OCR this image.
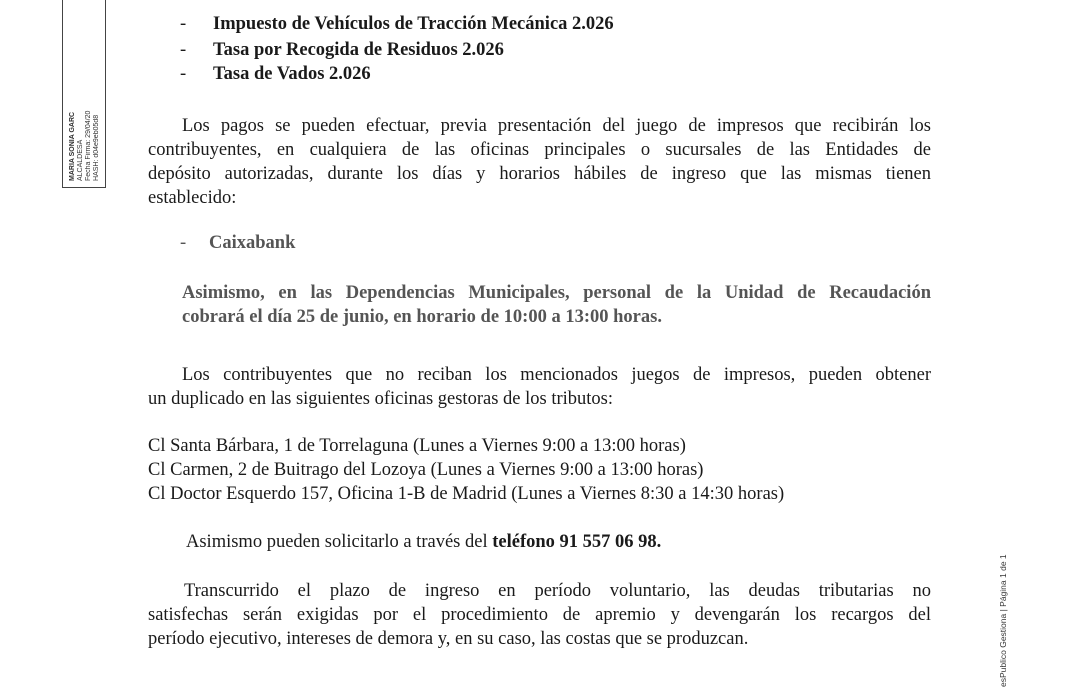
MARIA SONIA GARC ALCALDESA Fecha Firma: 29/04/20 HASH: d04e9eb05d8
esPublico Gestiona | Página 1 de 1
- Impuesto de Vehículos de Tracción Mecánica 2.026
- Tasa por Recogida de Residuos 2.026
- Tasa de Vados 2.026
Los pagos se pueden efectuar, previa presentación del juego de impresos que recibirán los
contribuyentes, en cualquiera de las oficinas principales o sucursales de las Entidades de
depósito autorizadas, durante los días y horarios hábiles de ingreso que las mismas tienen
establecido:
- Caixabank
Asimismo, en las Dependencias Municipales, personal de la Unidad de Recaudación
cobrará el día 25 de junio, en horario de 10:00 a 13:00 horas.
Los contribuyentes que no reciban los mencionados juegos de impresos, pueden obtener
un duplicado en las siguientes oficinas gestoras de los tributos:
Cl Santa Bárbara, 1 de Torrelaguna (Lunes a Viernes 9:00 a 13:00 horas)
Cl Carmen, 2 de Buitrago del Lozoya (Lunes a Viernes 9:00 a 13:00 horas)
Cl Doctor Esquerdo 157, Oficina 1-B de Madrid (Lunes a Viernes 8:30 a 14:30 horas)
Asimismo pueden solicitarlo a través del teléfono 91 557 06 98.
Transcurrido el plazo de ingreso en período voluntario, las deudas tributarias no
satisfechas serán exigidas por el procedimiento de apremio y devengarán los recargos del
período ejecutivo, intereses de demora y, en su caso, las costas que se produzcan.
